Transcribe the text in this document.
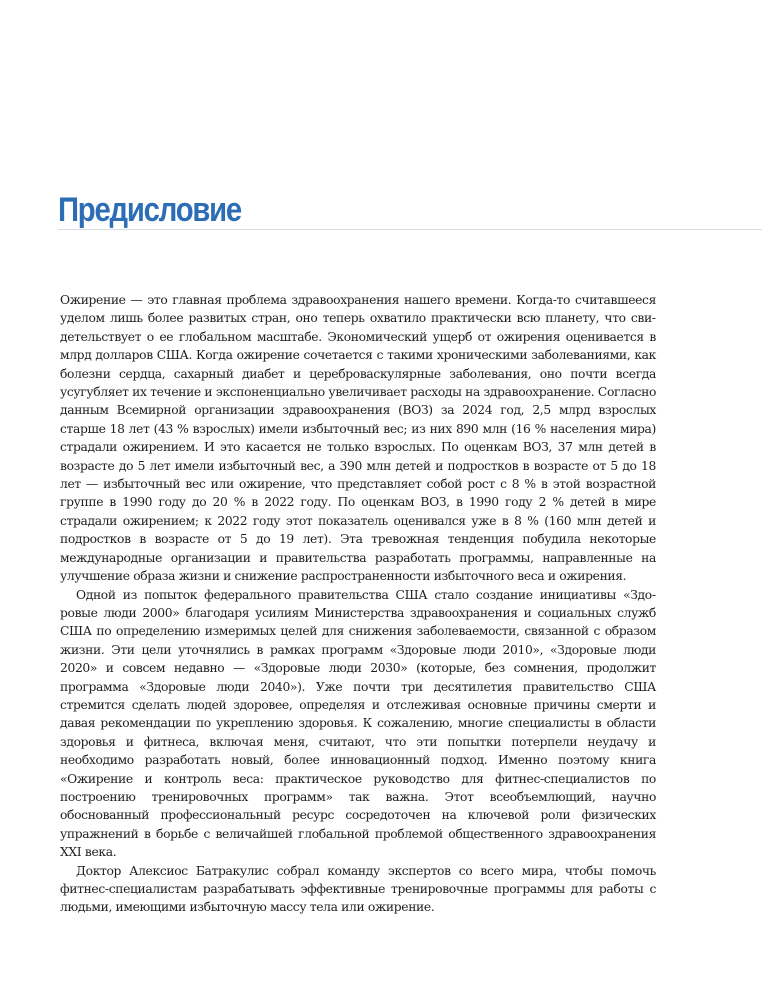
Предисловие

Ожирение — это главная проблема здравоохранения нашего времени. Когда-то считавшееся уделом лишь более развитых стран, оно теперь охватило практически всю планету, что свидетельствует о ее глобальном масштабе. Экономический ущерб от ожирения оценивается в млрд долларов США. Когда ожирение сочетается с такими хроническими заболеваниями, как болезни сердца, сахарный диабет и цереброваскулярные заболевания, оно почти всегда усугубляет их течение и экспоненциально увеличивает расходы на здравоохранение. Согласно данным Всемирной организации здравоохранения (ВОЗ) за 2024 год, 2,5 млрд взрослых старше 18 лет (43 % взрослых) имели избыточный вес; из них 890 млн (16 % населения мира) страдали ожирением. И это касается не только взрослых. По оценкам ВОЗ, 37 млн детей в возрасте до 5 лет имели избыточный вес, а 390 млн детей и подростков в возрасте от 5 до 18 лет — избыточный вес или ожирение, что представляет собой рост с 8 % в этой возрастной группе в 1990 году до 20 % в 2022 году. По оценкам ВОЗ, в 1990 году 2 % детей в мире страдали ожирением; к 2022 году этот показатель оценивался уже в 8 % (160 млн детей и подростков в возрасте от 5 до 19 лет). Эта тревожная тенденция побудила некоторые международные организации и правительства разработать программы, направленные на улучшение образа жизни и снижение распространенности избыточного веса и ожирения.

Одной из попыток федерального правительства США стало создание инициативы «Здоровые люди 2000» благодаря усилиям Министерства здравоохранения и социальных служб США по определению измеримых целей для снижения заболеваемости, связанной с образом жизни. Эти цели уточнялись в рамках программ «Здоровые люди 2010», «Здоровые люди 2020» и совсем недавно — «Здоровые люди 2030» (которые, без сомнения, продолжит программа «Здоровые люди 2040»). Уже почти три десятилетия правительство США стремится сделать людей здоровее, определяя и отслеживая основные причины смерти и давая рекомендации по укреплению здоровья. К сожалению, многие специалисты в области здоровья и фитнеса, включая меня, считают, что эти попытки потерпели неудачу и необходимо разработать новый, более инновационный подход. Именно поэтому книга «Ожирение и контроль веса: практическое руководство для фитнес-специалистов по построению тренировочных программ» так важна. Этот всеобъемлющий, научно обоснованный профессиональный ресурс сосредоточен на ключевой роли физических упражнений в борьбе с величайшей глобальной проблемой общественного здравоохранения XXI века.

Доктор Алексиос Батракулис собрал команду экспертов со всего мира, чтобы помочь фитнес-специалистам разрабатывать эффективные тренировочные программы для работы с людьми, имеющими избыточную массу тела или ожирение.
